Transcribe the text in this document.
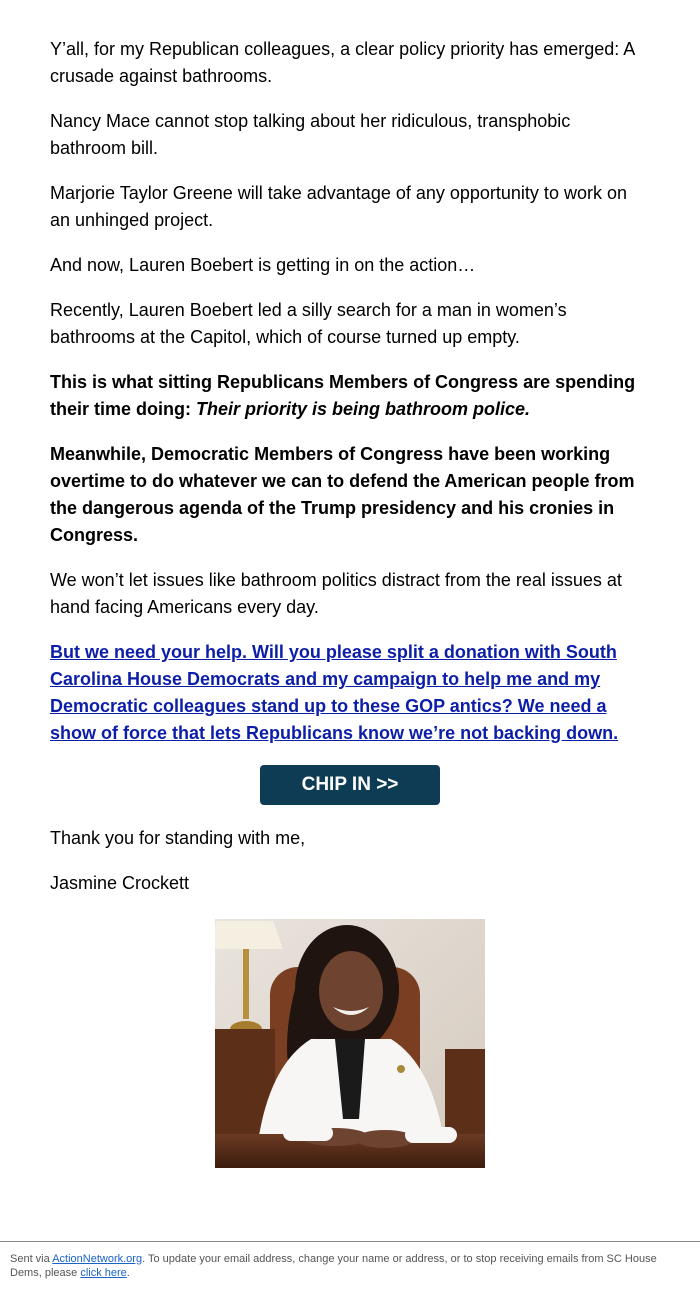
Y’all, for my Republican colleagues, a clear policy priority has emerged: A crusade against bathrooms.

Nancy Mace cannot stop talking about her ridiculous, transphobic bathroom bill.

Marjorie Taylor Greene will take advantage of any opportunity to work on an unhinged project.

And now, Lauren Boebert is getting in on the action…

Recently, Lauren Boebert led a silly search for a man in women’s bathrooms at the Capitol, which of course turned up empty.

This is what sitting Republicans Members of Congress are spending their time doing: Their priority is being bathroom police.

Meanwhile, Democratic Members of Congress have been working overtime to do whatever we can to defend the American people from the dangerous agenda of the Trump presidency and his cronies in Congress.

We won’t let issues like bathroom politics distract from the real issues at hand facing Americans every day.

But we need your help. Will you please split a donation with South Carolina House Democrats and my campaign to help me and my Democratic colleagues stand up to these GOP antics? We need a show of force that lets Republicans know we’re not backing down.

CHIP IN >>

Thank you for standing with me,

Jasmine Crockett

Sent via ActionNetwork.org. To update your email address, change your name or address, or to stop receiving emails from SC House Dems, please click here.
